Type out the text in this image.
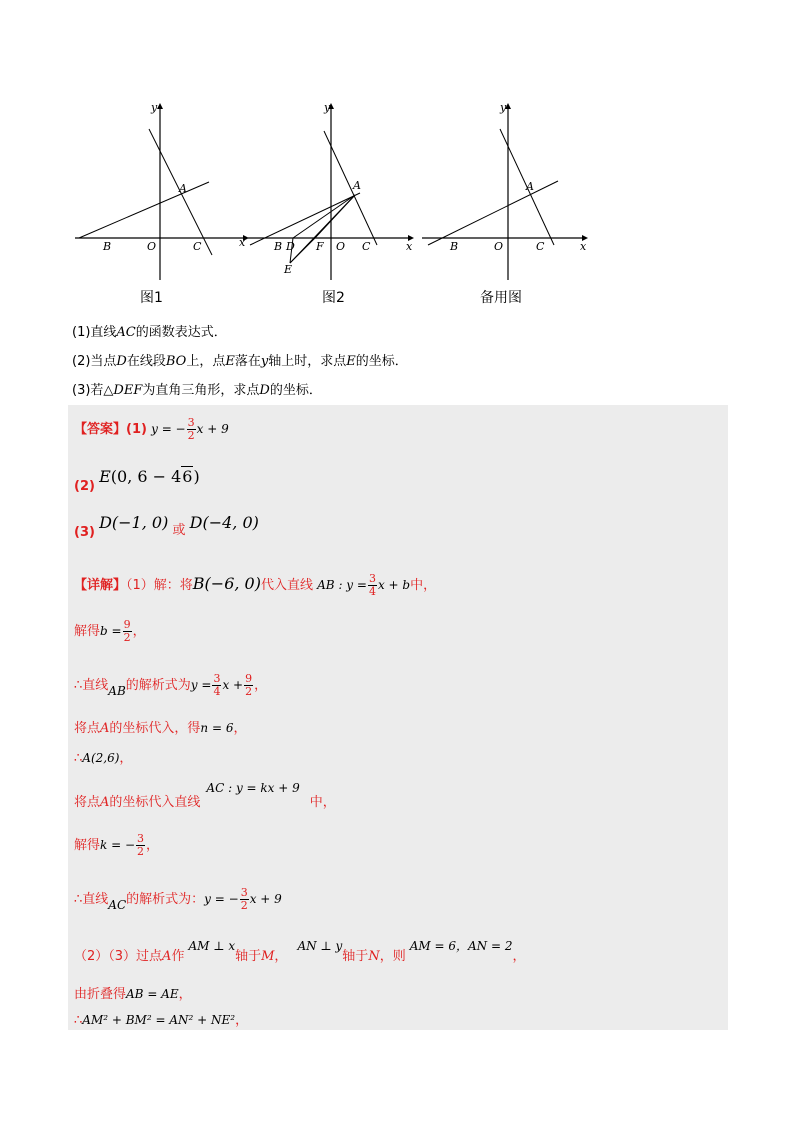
y
x
A
B	O	C
图1
y
x
A
B D F O C
E
图2
y
x
A
B	O	C
备用图
(1)直线AC的函数表达式．
(2)当点D在线段BO上，点E落在y轴上时，求点E的坐标．
(3)若△DEF为直角三角形，求点D的坐标．
【答案】(1) y = − $\frac{3}{2}$ x + 9
(2) E(0, 6 − 46)
(3) D(−1, 0) 或 D(−4, 0)
【详解】（1）解：将B(−6, 0)代入直线 AB : $y = \frac{3}{4}$ x + b中，
解得$b = \frac{9}{2}$ ，
∴直线AB的解析式为$y = \frac{3}{4}$ $x + \frac{9}{2}$ ，
将点A的坐标代入，得n = 6，
∴A(2,6)，
将点A的坐标代入直线AC : y = kx + 9中，
解得k = − $\frac{3}{2}$ ，
∴直线AC的解析式为：y = − $\frac{3}{2}$ x + 9
（2）（3）过点A作AM ⊥ x轴于M，AN ⊥ y轴于N，则AM = 6，AN = 2，
由折叠得AB = AE，
∴AM² + BM² = AN² + NE²，
